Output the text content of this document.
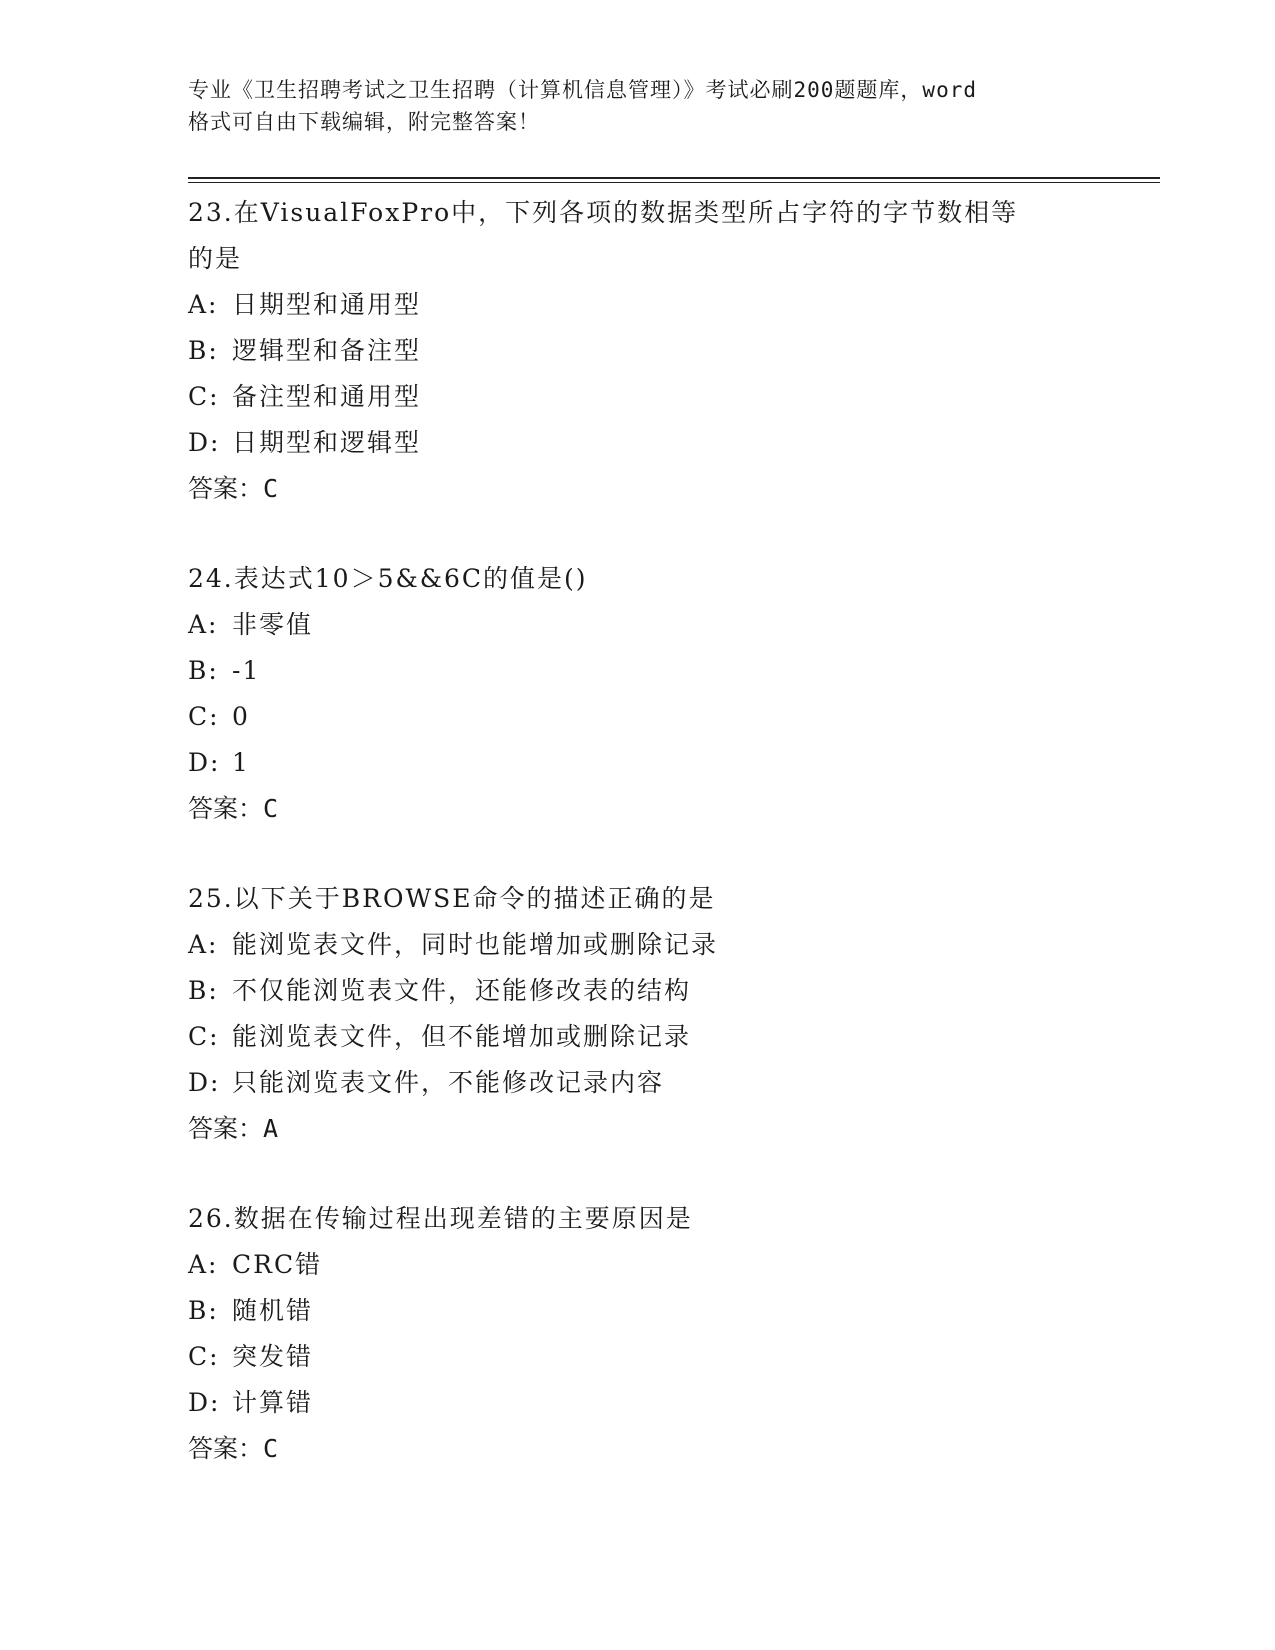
专业《卫生招聘考试之卫生招聘（计算机信息管理）》考试必刷200题题库，word
格式可自由下载编辑，附完整答案！

23.在VisualFoxPro中，下列各项的数据类型所占字符的字节数相等
的是

A: 日期型和通用型

B: 逻辑型和备注型

C: 备注型和通用型

D: 日期型和逻辑型

答案：C

24.表达式10＞5&&6C的值是()

A: 非零值

B: -1

C: 0

D: 1

答案：C

25.以下关于BROWSE命令的描述正确的是

A: 能浏览表文件，同时也能增加或删除记录

B: 不仅能浏览表文件，还能修改表的结构

C: 能浏览表文件，但不能增加或删除记录

D: 只能浏览表文件，不能修改记录内容

答案：A

26.数据在传输过程出现差错的主要原因是

A: CRC错

B: 随机错

C: 突发错

D: 计算错

答案：C
